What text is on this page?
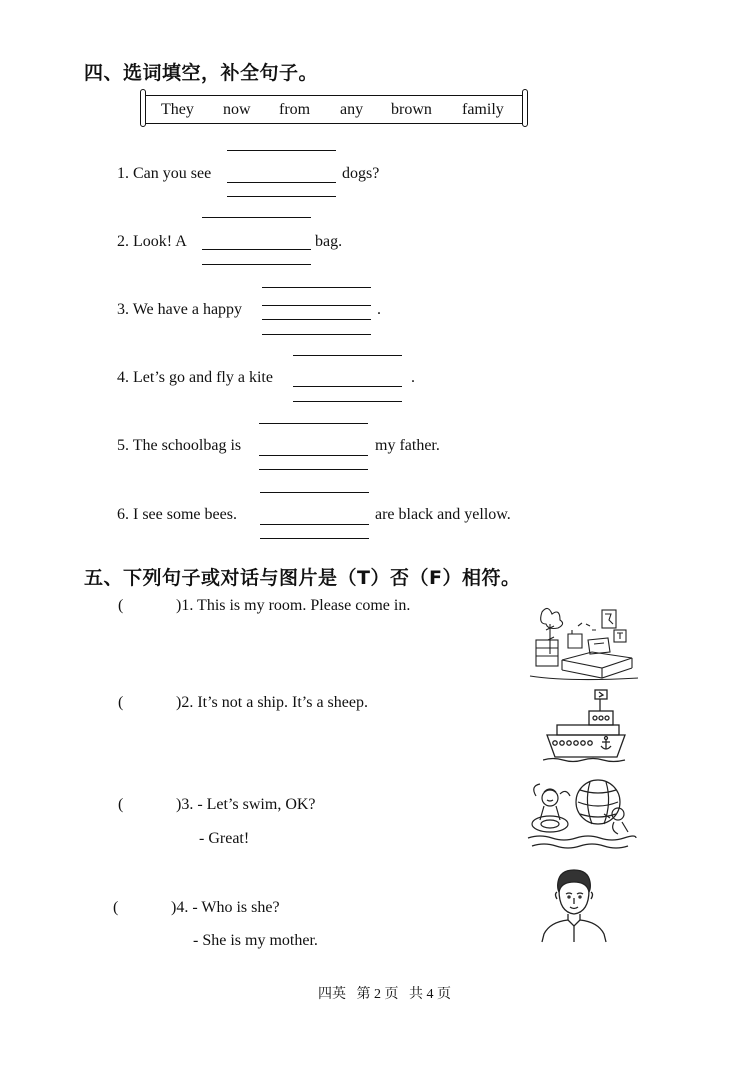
四、选词填空，补全句子。
They now from any brown family
1. Can you see	dogs?
2. Look! A	bag.
3. We have a happy	.
4. Let’s go and fly a kite	.
5. The schoolbag is	my father.
6. I see some bees.	are black and yellow.
五、下列句子或对话与图片是（T）否（F）相符。
(	)1. This is my room. Please come in.
(	)2. It’s not a ship. It’s a sheep.
(	)3. - Let’s swim, OK?
- Great!
(	)4. - Who is she?
- She is my mother.
四英   第 2 页   共 4 页
